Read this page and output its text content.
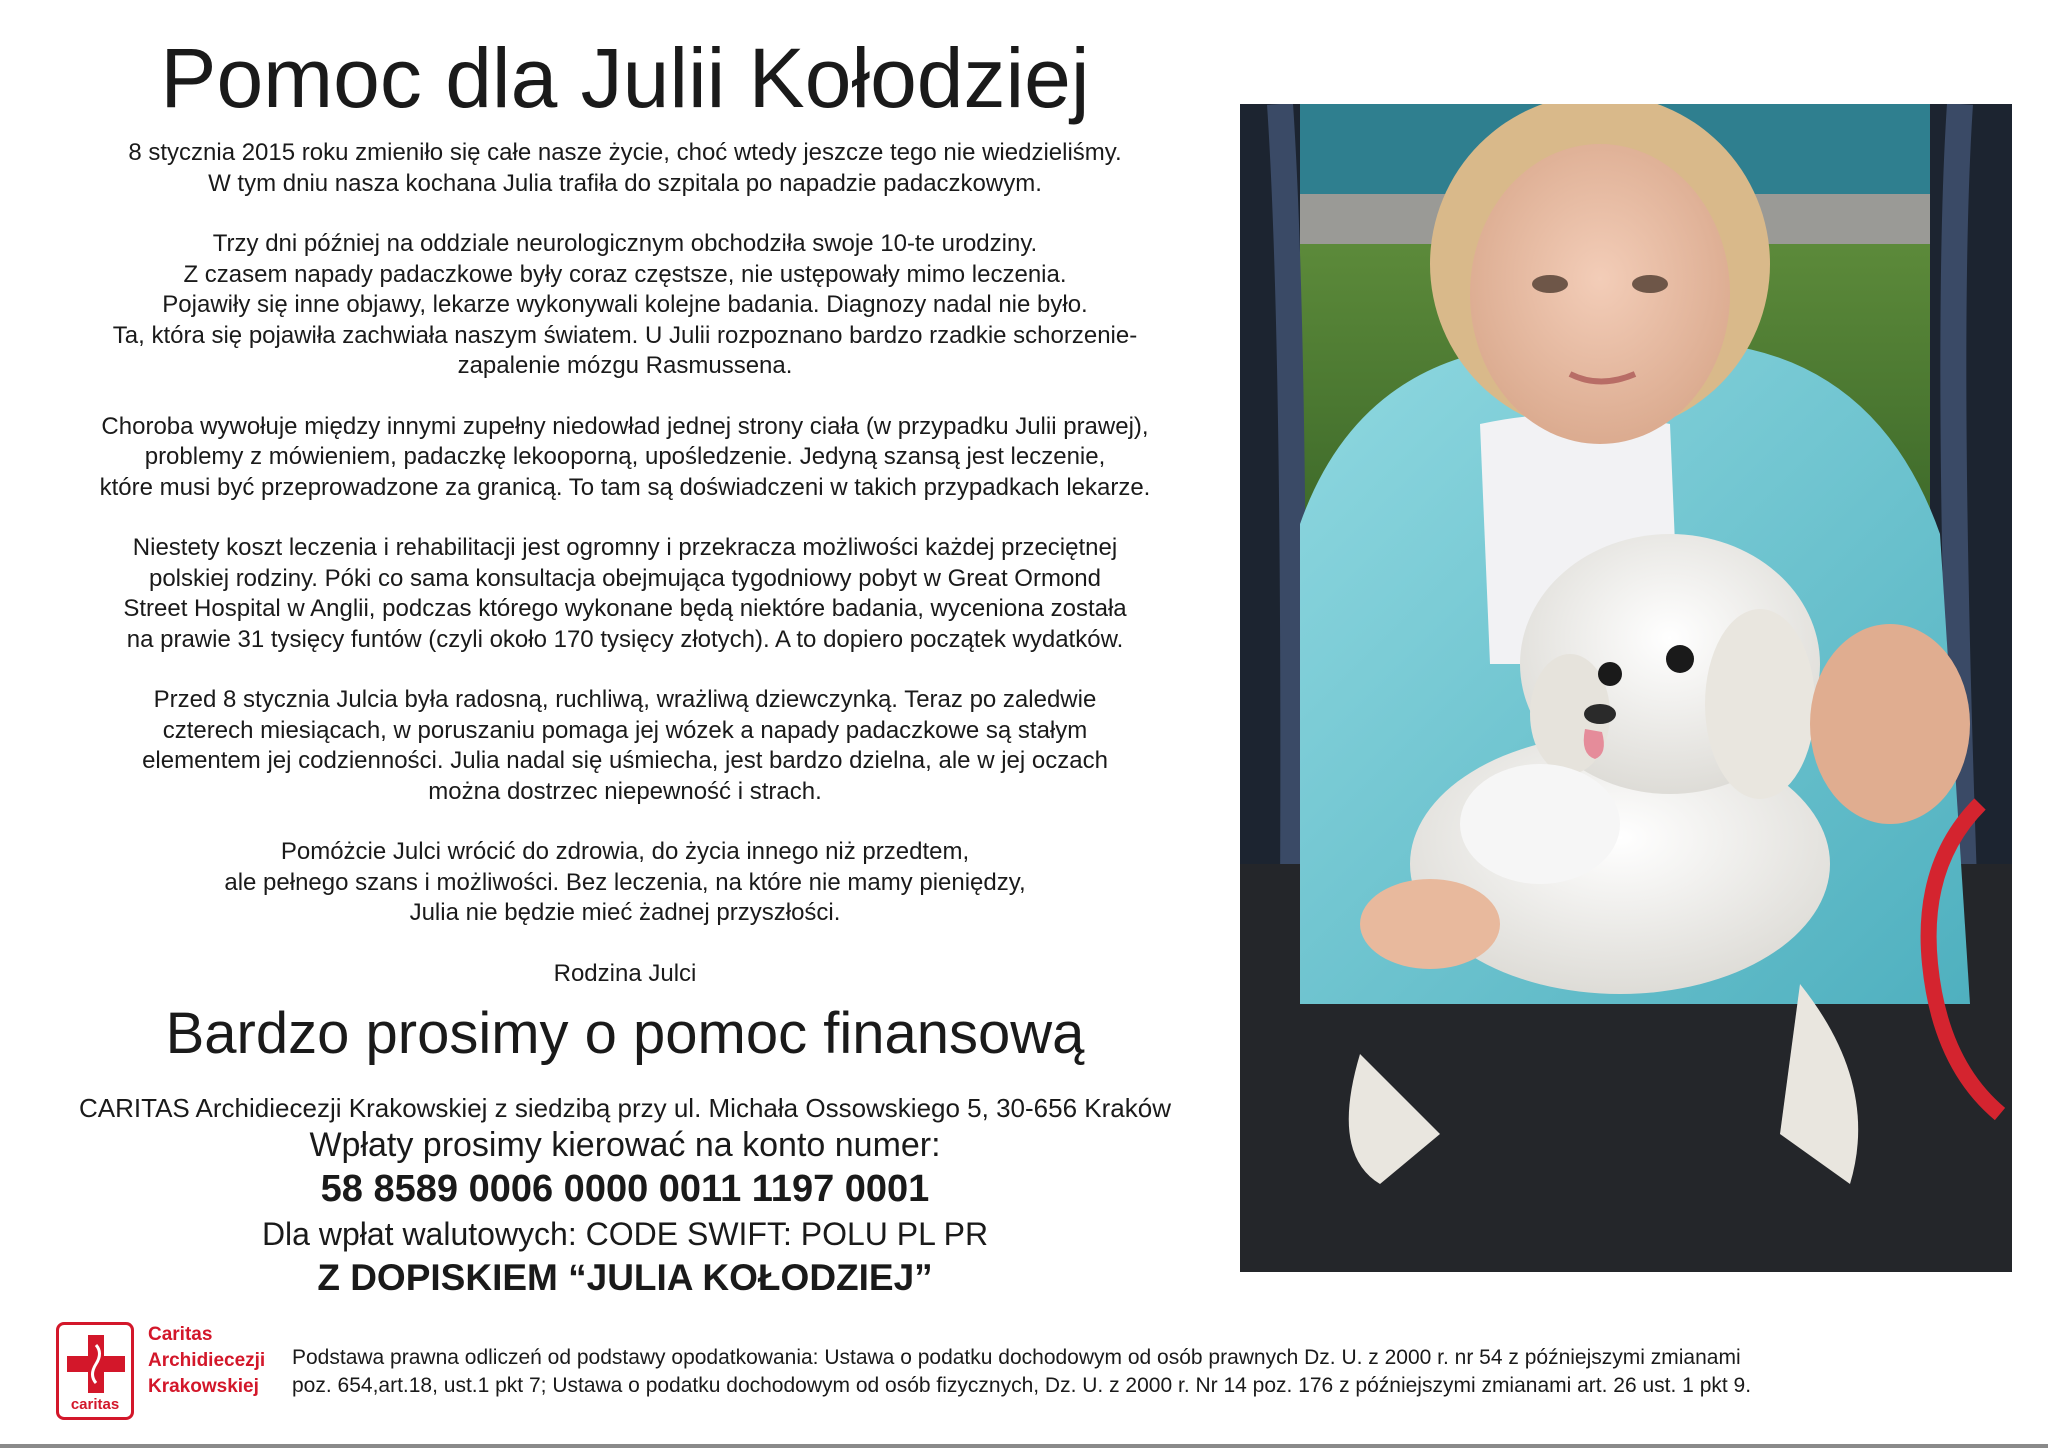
Pomoc dla Julii Kołodziej

8 stycznia 2015 roku zmieniło się całe nasze życie, choć wtedy jeszcze tego nie wiedzieliśmy.
W tym dniu nasza kochana Julia trafiła do szpitala po napadzie padaczkowym.

Trzy dni później na oddziale neurologicznym obchodziła swoje 10-te urodziny.
Z czasem napady padaczkowe były coraz częstsze, nie ustępowały mimo leczenia.
Pojawiły się inne objawy, lekarze wykonywali kolejne badania. Diagnozy nadal nie było.
Ta, która się pojawiła zachwiała naszym światem. U Julii rozpoznano bardzo rzadkie schorzenie-
zapalenie mózgu Rasmussena.

Choroba wywołuje między innymi zupełny niedowład jednej strony ciała (w przypadku Julii prawej),
problemy z mówieniem, padaczkę lekooporną, upośledzenie. Jedyną szansą jest leczenie,
które musi być przeprowadzone za granicą. To tam są doświadczeni w takich przypadkach lekarze.

Niestety koszt leczenia i rehabilitacji jest ogromny i przekracza możliwości każdej przeciętnej
polskiej rodziny. Póki co sama konsultacja obejmująca tygodniowy pobyt w Great Ormond
Street Hospital w Anglii, podczas którego wykonane będą niektóre badania, wyceniona została
na prawie 31 tysięcy funtów (czyli około 170 tysięcy złotych). A to dopiero początek wydatków.

Przed 8 stycznia Julcia była radosną, ruchliwą, wrażliwą dziewczynką. Teraz po zaledwie
czterech miesiącach, w poruszaniu pomaga jej wózek a napady padaczkowe są stałym
elementem jej codzienności. Julia nadal się uśmiecha, jest bardzo dzielna, ale w jej oczach
można dostrzec niepewność i strach.

Pomóżcie Julci wrócić do zdrowia, do życia innego niż przedtem,
ale pełnego szans i możliwości. Bez leczenia, na które nie mamy pieniędzy,
Julia nie będzie mieć żadnej przyszłości.

Rodzina Julci
Bardzo prosimy o pomoc finansową
CARITAS Archidiecezji Krakowskiej z siedzibą przy ul. Michała Ossowskiego 5, 30-656 Kraków
Wpłaty prosimy kierować na konto numer:
58 8589 0006 0000 0011 1197 0001
Dla wpłat walutowych: CODE SWIFT: POLU PL PR
Z DOPISKIEM “JULIA KOŁODZIEJ”
caritas
Caritas
Archidiecezji
Krakowskiej
Podstawa prawna odliczeń od podstawy opodatkowania: Ustawa o podatku dochodowym od osób prawnych Dz. U. z 2000 r. nr 54 z późniejszymi zmianami
poz. 654,art.18, ust.1 pkt 7; Ustawa o podatku dochodowym od osób fizycznych, Dz. U. z 2000 r. Nr 14 poz. 176 z późniejszymi zmianami art. 26 ust. 1 pkt 9.
